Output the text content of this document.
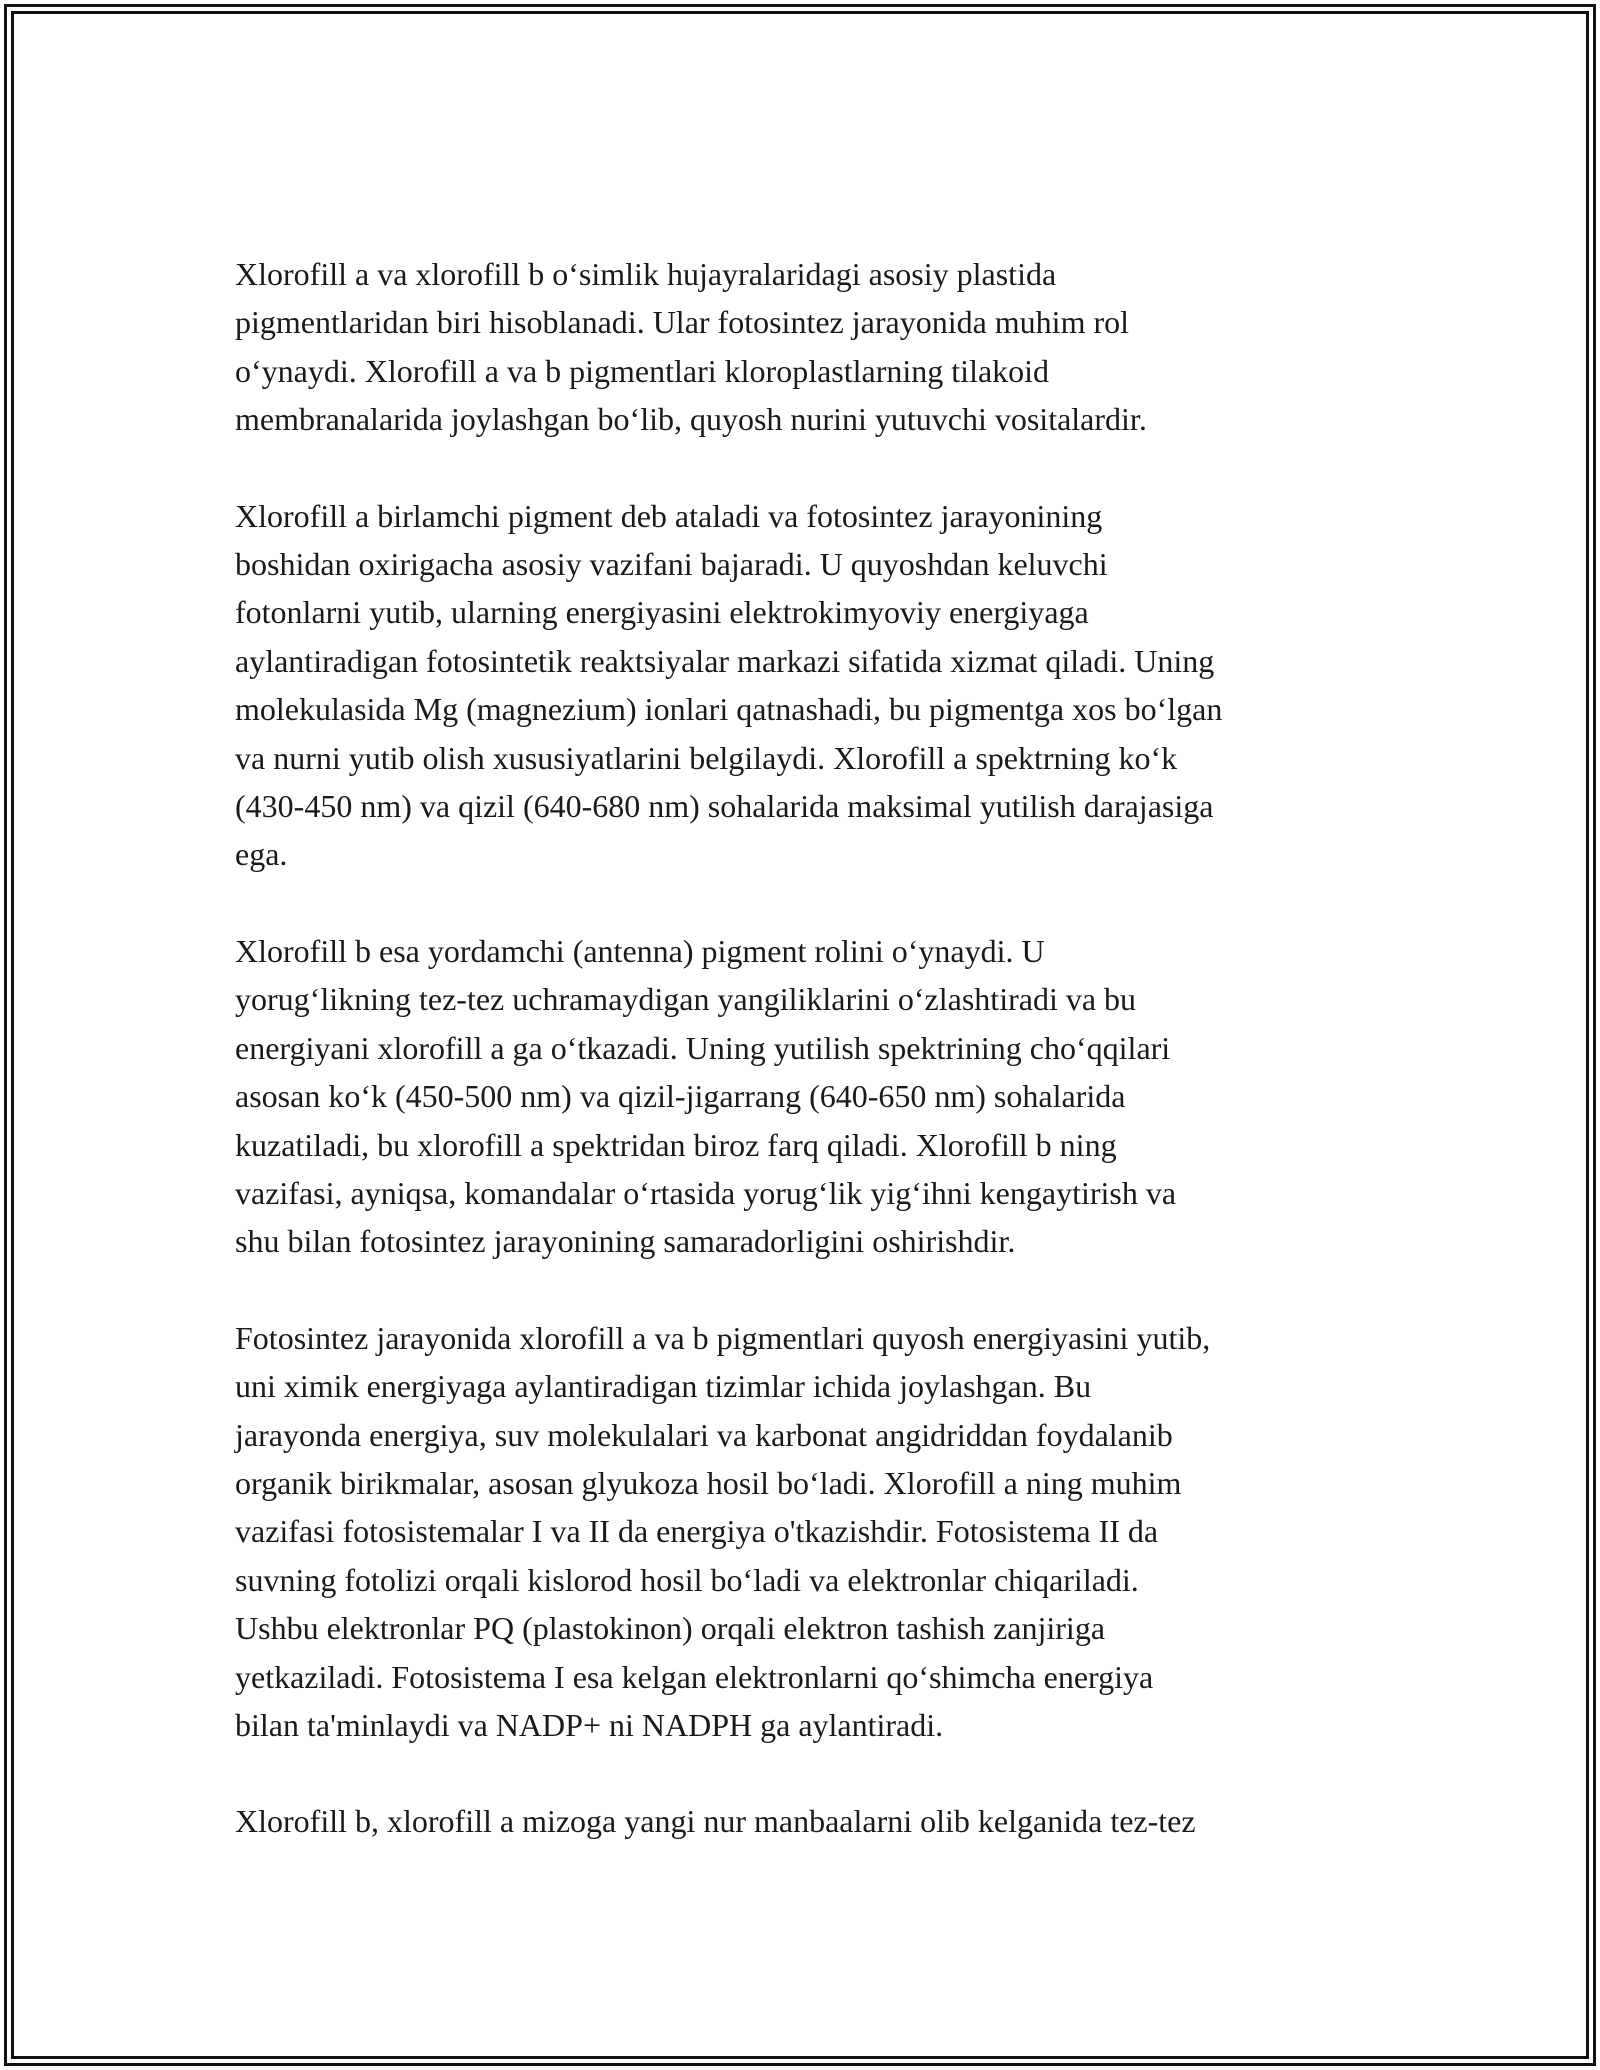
Xlorofill a va xlorofill b o‘simlik hujayralaridagi asosiy plastida
pigmentlaridan biri hisoblanadi. Ular fotosintez jarayonida muhim rol
o‘ynaydi. Xlorofill a va b pigmentlari kloroplastlarning tilakoid
membranalarida joylashgan bo‘lib, quyosh nurini yutuvchi vositalardir.

Xlorofill a birlamchi pigment deb ataladi va fotosintez jarayonining
boshidan oxirigacha asosiy vazifani bajaradi. U quyoshdan keluvchi
fotonlarni yutib, ularning energiyasini elektrokimyoviy energiyaga
aylantiradigan fotosintetik reaktsiyalar markazi sifatida xizmat qiladi. Uning
molekulasida Mg (magnezium) ionlari qatnashadi, bu pigmentga xos bo‘lgan
va nurni yutib olish xususiyatlarini belgilaydi. Xlorofill a spektrning ko‘k
(430-450 nm) va qizil (640-680 nm) sohalarida maksimal yutilish darajasiga
ega.

Xlorofill b esa yordamchi (antenna) pigment rolini o‘ynaydi. U
yorug‘likning tez-tez uchramaydigan yangiliklarini o‘zlashtiradi va bu
energiyani xlorofill a ga o‘tkazadi. Uning yutilish spektrining cho‘qqilari
asosan ko‘k (450-500 nm) va qizil-jigarrang (640-650 nm) sohalarida
kuzatiladi, bu xlorofill a spektridan biroz farq qiladi. Xlorofill b ning
vazifasi, ayniqsa, komandalar o‘rtasida yorug‘lik yig‘ihni kengaytirish va
shu bilan fotosintez jarayonining samaradorligini oshirishdir.

Fotosintez jarayonida xlorofill a va b pigmentlari quyosh energiyasini yutib,
uni ximik energiyaga aylantiradigan tizimlar ichida joylashgan. Bu
jarayonda energiya, suv molekulalari va karbonat angidriddan foydalanib
organik birikmalar, asosan glyukoza hosil bo‘ladi. Xlorofill a ning muhim
vazifasi fotosistemalar I va II da energiya o'tkazishdir. Fotosistema II da
suvning fotolizi orqali kislorod hosil bo‘ladi va elektronlar chiqariladi.
Ushbu elektronlar PQ (plastokinon) orqali elektron tashish zanjiriga
yetkaziladi. Fotosistema I esa kelgan elektronlarni qo‘shimcha energiya
bilan ta'minlaydi va NADP+ ni NADPH ga aylantiradi.

Xlorofill b, xlorofill a mizoga yangi nur manbaalarni olib kelganida tez-tez
